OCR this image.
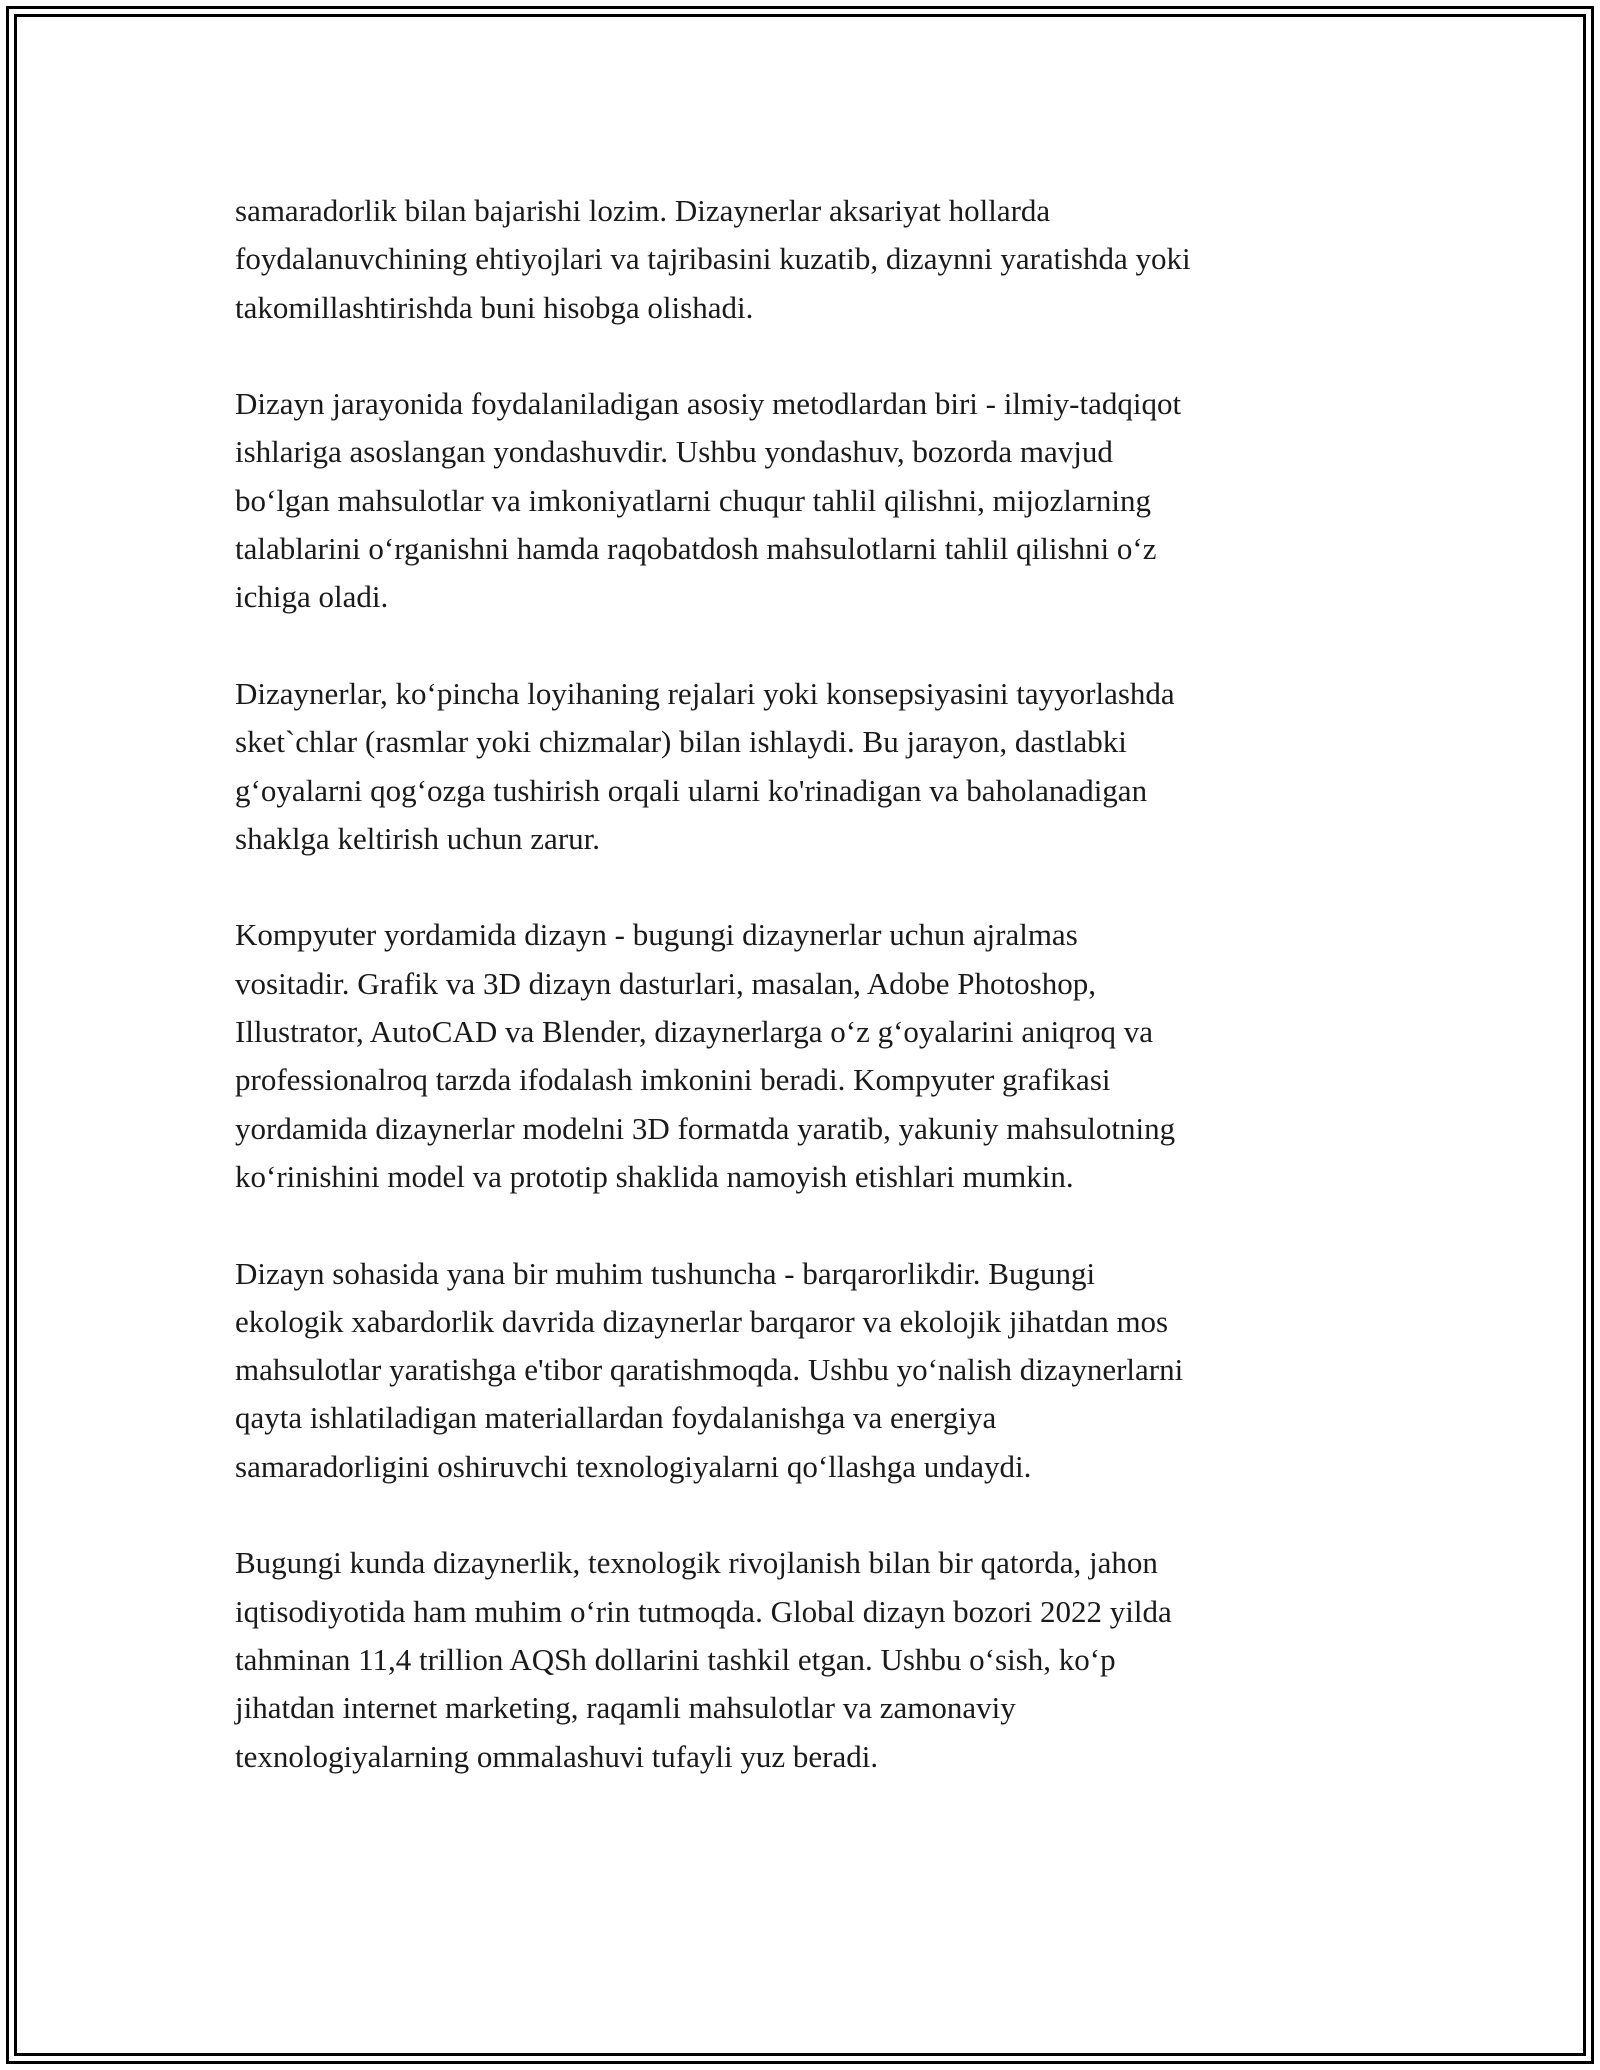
samaradorlik bilan bajarishi lozim. Dizaynerlar aksariyat hollarda
foydalanuvchining ehtiyojlari va tajribasini kuzatib, dizaynni yaratishda yoki
takomillashtirishda buni hisobga olishadi.

Dizayn jarayonida foydalaniladigan asosiy metodlardan biri - ilmiy-tadqiqot
ishlariga asoslangan yondashuvdir. Ushbu yondashuv, bozorda mavjud
bo‘lgan mahsulotlar va imkoniyatlarni chuqur tahlil qilishni, mijozlarning
talablarini o‘rganishni hamda raqobatdosh mahsulotlarni tahlil qilishni o‘z
ichiga oladi.

Dizaynerlar, ko‘pincha loyihaning rejalari yoki konsepsiyasini tayyorlashda
sket`chlar (rasmlar yoki chizmalar) bilan ishlaydi. Bu jarayon, dastlabki
g‘oyalarni qog‘ozga tushirish orqali ularni ko'rinadigan va baholanadigan
shaklga keltirish uchun zarur.

Kompyuter yordamida dizayn - bugungi dizaynerlar uchun ajralmas
vositadir. Grafik va 3D dizayn dasturlari, masalan, Adobe Photoshop,
Illustrator, AutoCAD va Blender, dizaynerlarga o‘z g‘oyalarini aniqroq va
professionalroq tarzda ifodalash imkonini beradi. Kompyuter grafikasi
yordamida dizaynerlar modelni 3D formatda yaratib, yakuniy mahsulotning
ko‘rinishini model va prototip shaklida namoyish etishlari mumkin.

Dizayn sohasida yana bir muhim tushuncha - barqarorlikdir. Bugungi
ekologik xabardorlik davrida dizaynerlar barqaror va ekolojik jihatdan mos
mahsulotlar yaratishga e'tibor qaratishmoqda. Ushbu yo‘nalish dizaynerlarni
qayta ishlatiladigan materiallardan foydalanishga va energiya
samaradorligini oshiruvchi texnologiyalarni qo‘llashga undaydi.

Bugungi kunda dizaynerlik, texnologik rivojlanish bilan bir qatorda, jahon
iqtisodiyotida ham muhim o‘rin tutmoqda. Global dizayn bozori 2022 yilda
tahminan 11,4 trillion AQSh dollarini tashkil etgan. Ushbu o‘sish, ko‘p
jihatdan internet marketing, raqamli mahsulotlar va zamonaviy
texnologiyalarning ommalashuvi tufayli yuz beradi.
